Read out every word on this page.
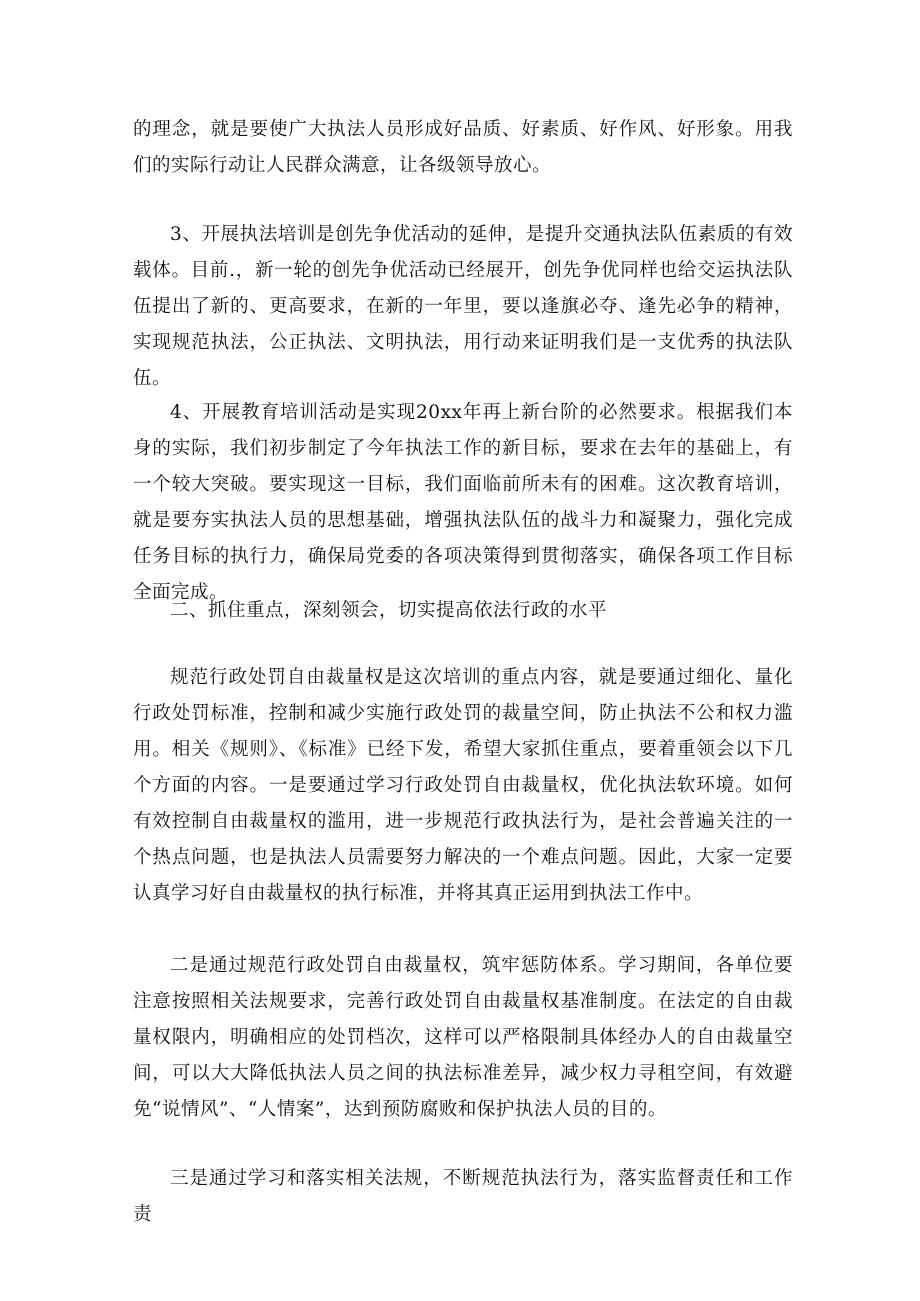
的理念，就是要使广大执法人员形成好品质、好素质、好作风、好形象。用我们的实际行动让人民群众满意，让各级领导放心。

3、开展执法培训是创先争优活动的延伸，是提升交通执法队伍素质的有效载体。目前.，新一轮的创先争优活动已经展开，创先争优同样也给交运执法队伍提出了新的、更高要求，在新的一年里，要以逢旗必夺、逢先必争的精神，实现规范执法，公正执法、文明执法，用行动来证明我们是一支优秀的执法队伍。

4、开展教育培训活动是实现20xx年再上新台阶的必然要求。根据我们本身的实际，我们初步制定了今年执法工作的新目标，要求在去年的基础上，有一个较大突破。要实现这一目标，我们面临前所未有的困难。这次教育培训，就是要夯实执法人员的思想基础，增强执法队伍的战斗力和凝聚力，强化完成任务目标的执行力，确保局党委的各项决策得到贯彻落实，确保各项工作目标全面完成。

二、抓住重点，深刻领会，切实提高依法行政的水平

规范行政处罚自由裁量权是这次培训的重点内容，就是要通过细化、量化行政处罚标准，控制和减少实施行政处罚的裁量空间，防止执法不公和权力滥用。相关《规则》、《标准》已经下发，希望大家抓住重点，要着重领会以下几个方面的内容。一是要通过学习行政处罚自由裁量权，优化执法软环境。如何有效控制自由裁量权的滥用，进一步规范行政执法行为，是社会普遍关注的一个热点问题，也是执法人员需要努力解决的一个难点问题。因此，大家一定要认真学习好自由裁量权的执行标准，并将其真正运用到执法工作中。

二是通过规范行政处罚自由裁量权，筑牢惩防体系。学习期间，各单位要注意按照相关法规要求，完善行政处罚自由裁量权基准制度。在法定的自由裁量权限内，明确相应的处罚档次，这样可以严格限制具体经办人的自由裁量空间，可以大大降低执法人员之间的执法标准差异，减少权力寻租空间，有效避免“说情风”、“人情案”，达到预防腐败和保护执法人员的目的。

三是通过学习和落实相关法规，不断规范执法行为，落实监督责任和工作责
